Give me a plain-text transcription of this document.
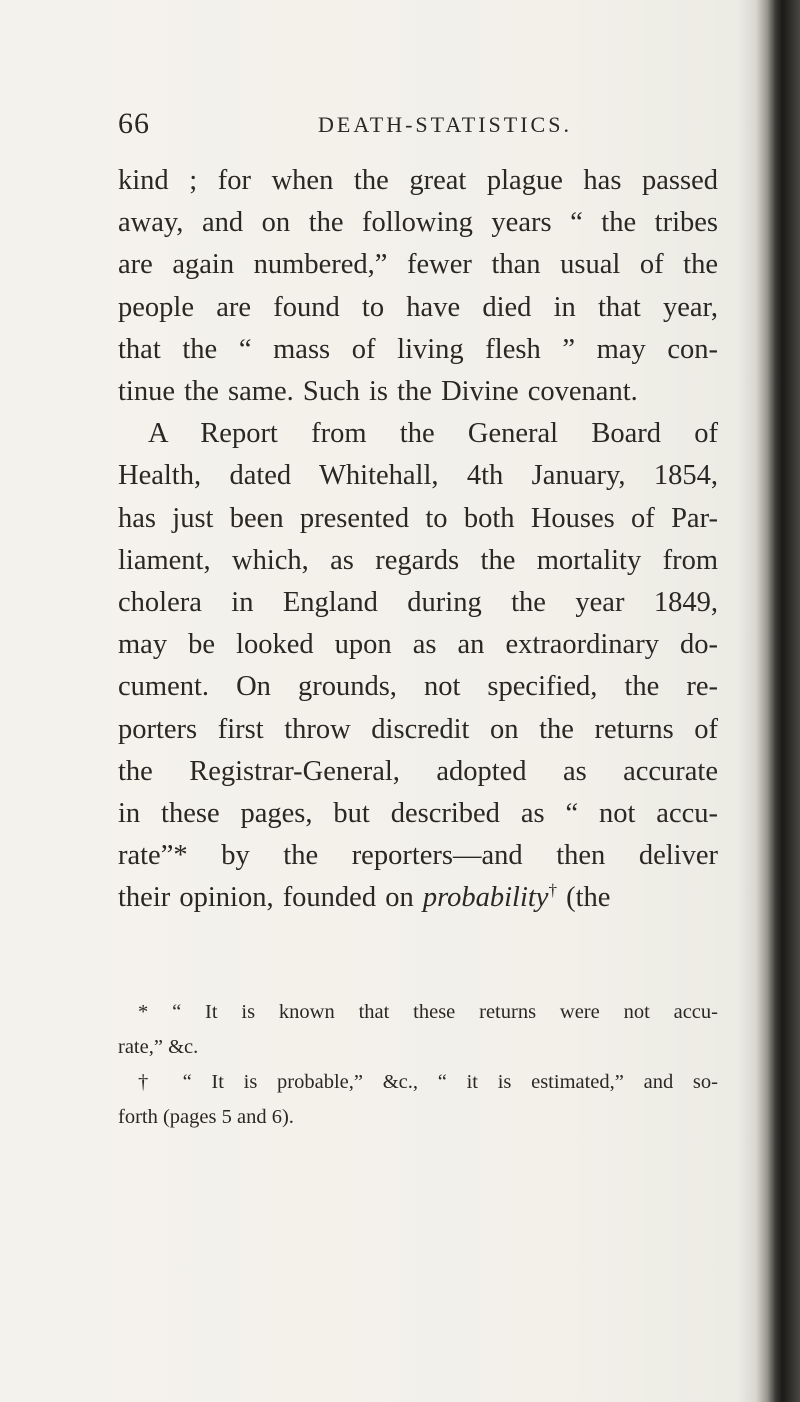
66	DEATH-STATISTICS.
kind ; for when the great plague has passed
away, and on the following years “ the tribes
are again numbered,” fewer than usual of the
people are found to have died in that year,
that the “ mass of living flesh ” may con-
tinue the same. Such is the Divine covenant.
A Report from the General Board of
Health, dated Whitehall, 4th January, 1854,
has just been presented to both Houses of Par-
liament, which, as regards the mortality from
cholera in England during the year 1849,
may be looked upon as an extraordinary do-
cument. On grounds, not specified, the re-
porters first throw discredit on the returns of
the Registrar-General, adopted as accurate
in these pages, but described as “ not accu-
rate”* by the reporters—and then deliver
their opinion, founded on probability† (the
* “ It is known that these returns were not accu-
rate,” &c.
† “ It is probable,” &c., “ it is estimated,” and so-
forth (pages 5 and 6).
